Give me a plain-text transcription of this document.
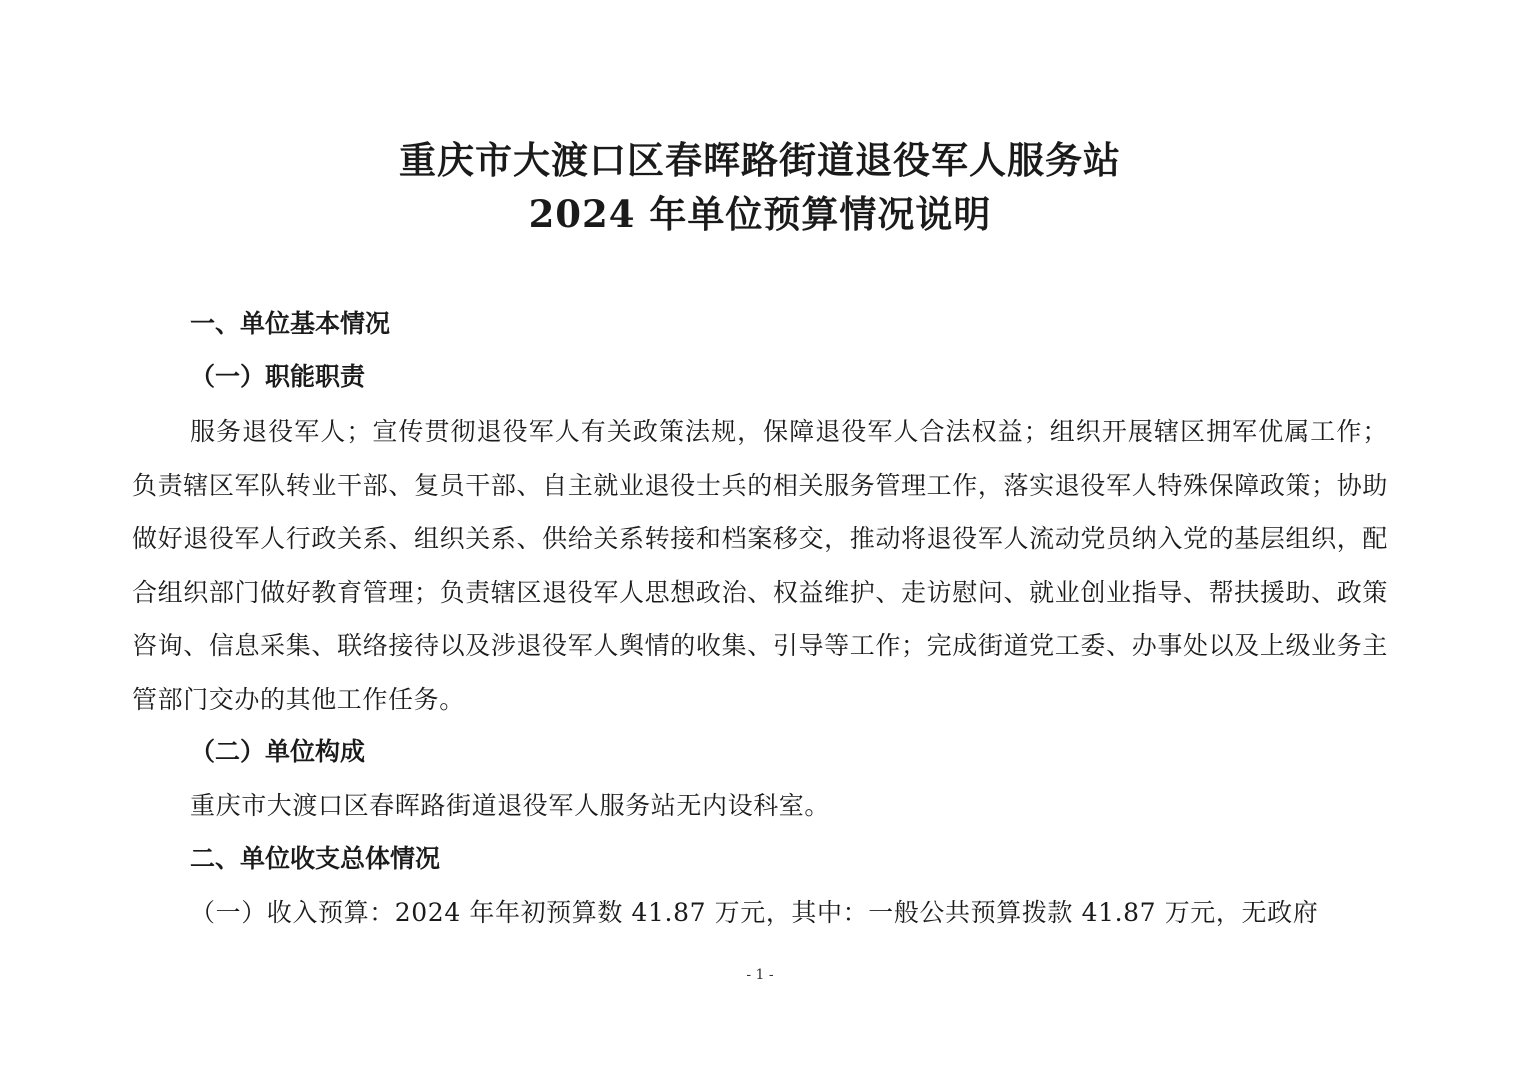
重庆市大渡口区春晖路街道退役军人服务站
2024 年单位预算情况说明
一、单位基本情况
（一）职能职责

服务退役军人；宣传贯彻退役军人有关政策法规，保障退役军人合法权益；组织开展辖区拥军优属工作；负责辖区军队转业干部、复员干部、自主就业退役士兵的相关服务管理工作，落实退役军人特殊保障政策；协助做好退役军人行政关系、组织关系、供给关系转接和档案移交，推动将退役军人流动党员纳入党的基层组织，配合组织部门做好教育管理；负责辖区退役军人思想政治、权益维护、走访慰问、就业创业指导、帮扶援助、政策咨询、信息采集、联络接待以及涉退役军人舆情的收集、引导等工作；完成街道党工委、办事处以及上级业务主管部门交办的其他工作任务。

（二）单位构成

重庆市大渡口区春晖路街道退役军人服务站无内设科室。

二、单位收支总体情况

（一）收入预算：2024 年年初预算数 41.87 万元，其中：一般公共预算拨款 41.87 万元，无政府

- 1 -
